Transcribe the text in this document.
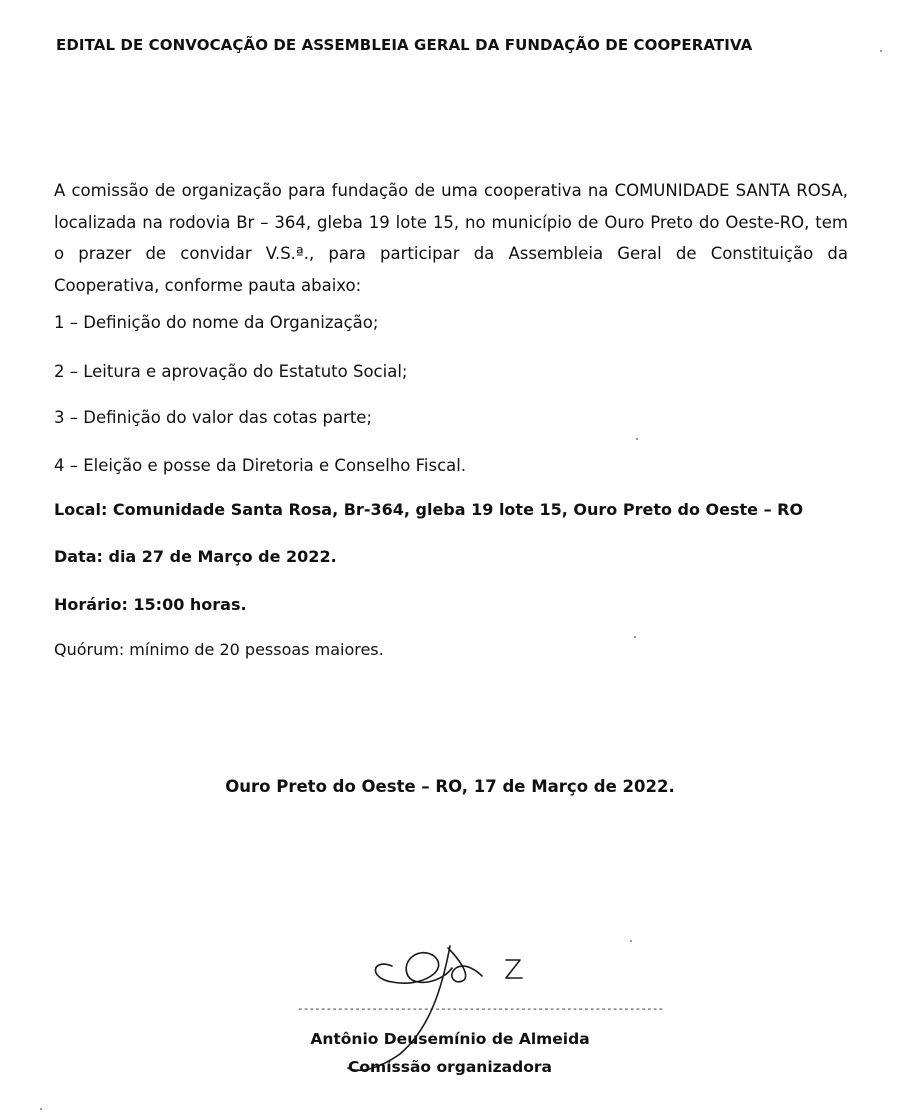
EDITAL DE CONVOCAÇÃO DE ASSEMBLEIA GERAL DA FUNDAÇÃO DE COOPERATIVA

A comissão de organização para fundação de uma cooperativa na COMUNIDADE SANTA ROSA, localizada na rodovia Br – 364, gleba 19 lote 15, no município de Ouro Preto do Oeste-RO, tem o prazer de convidar V.S.ª., para participar da Assembleia Geral de Constituição da Cooperativa, conforme pauta abaixo:

1 – Definição do nome da Organização;

2 – Leitura e aprovação do Estatuto Social;

3 – Definição do valor das cotas parte;

4 – Eleição e posse da Diretoria e Conselho Fiscal.

Local: Comunidade Santa Rosa, Br-364, gleba 19 lote 15, Ouro Preto do Oeste – RO

Data: dia 27 de Março de 2022.

Horário: 15:00 horas.

Quórum: mínimo de 20 pessoas maiores.

Ouro Preto do Oeste – RO, 17 de Março de 2022.

----------------------------------------------------------------

Antônio Deusemínio de Almeida

Comissão organizadora
